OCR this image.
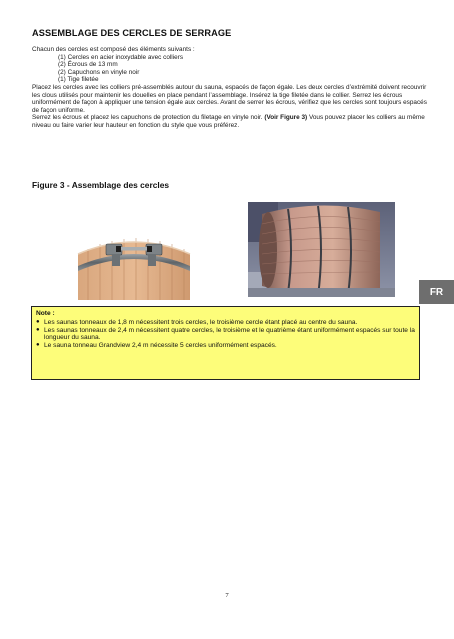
ASSEMBLAGE DES CERCLES DE SERRAGE

Chacun des cercles est composé des éléments suivants :

(1) Cercles en acier inoxydable avec colliers
(2) Écrous de 13 mm
(2) Capuchons en vinyle noir
(1) Tige filetée

Placez les cercles avec les colliers pré-assemblés autour du sauna, espacés de façon égale. Les deux cercles d’extrémité doivent recouvrir les clous utilisés pour maintenir les douelles en place pendant l’assemblage. Insérez la tige filetée dans le collier. Serrez les écrous uniformément de façon à appliquer une tension égale aux cercles. Avant de serrer les écrous, vérifiez que les cercles sont toujours espacés de façon uniforme.

Serrez les écrous et placez les capuchons de protection du filetage en vinyle noir. (Voir Figure 3) Vous pouvez placer les colliers au même niveau ou faire varier leur hauteur en fonction du style que vous préférez.

Figure 3 - Assemblage des cercles
FR
Note :
● Les saunas tonneaux de 1,8 m nécessitent trois cercles, le troisième cercle étant placé au centre du sauna.
● Les saunas tonneaux de 2,4 m nécessitent quatre cercles, le troisième et le quatrième étant uniformément espacés sur toute la longueur du sauna.
● Le sauna tonneau Grandview 2,4 m nécessite 5 cercles uniformément espacés.
7
